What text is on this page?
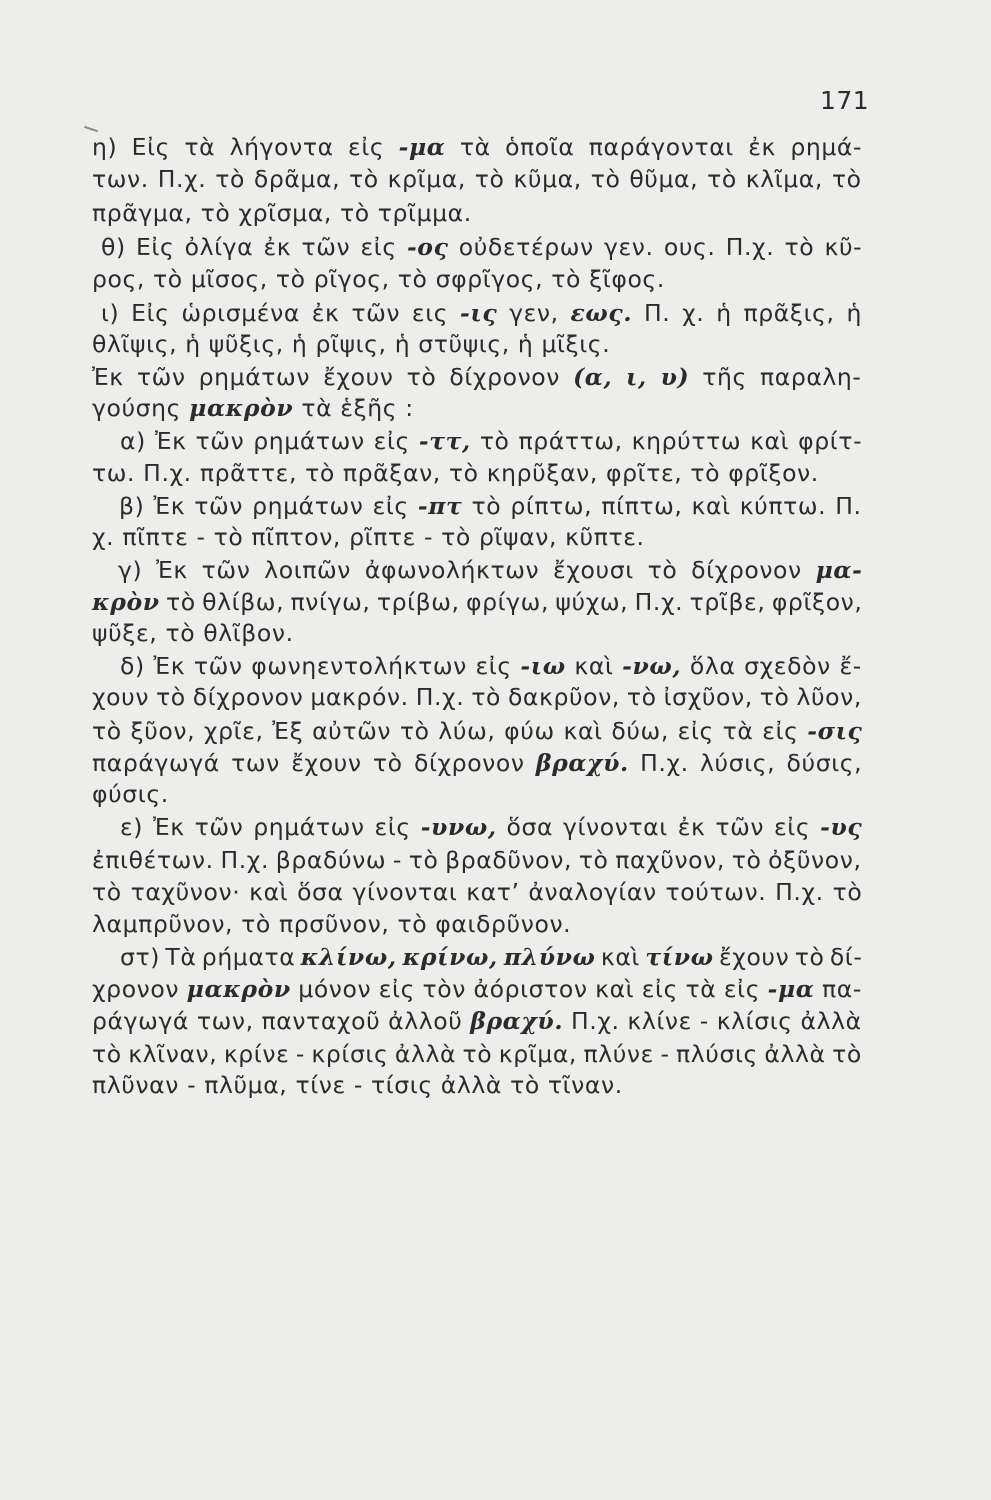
171
η) Εἰς τὰ λήγοντα εἰς -μα τὰ ὁποῖα παράγονται ἐκ ρημά-
των. Π.χ. τὸ δρᾶμα, τὸ κρῖμα, τὸ κῦμα, τὸ θῦμα, τὸ κλῖμα, τὸ
πρᾶγμα, τὸ χρῖσμα, τὸ τρῖμμα.
θ) Εἰς ὀλίγα ἐκ τῶν εἰς -ος οὐδετέρων γεν. ους. Π.χ. τὸ κῦ-
ρος, τὸ μῖσος, τὸ ρῖγος, τὸ σφρῖγος, τὸ ξῖφος.
ι) Εἰς ὡρισμένα ἐκ τῶν εις -ις γεν, εως. Π. χ. ἡ πρᾶξις, ἡ
θλῖψις, ἡ ψῦξις, ἡ ρῖψις, ἡ στῦψις, ἡ μῖξις.
Ἐκ τῶν ρημάτων ἔχουν τὸ δίχρονον (α, ι, υ) τῆς παραλη-
γούσης μακρὸν τὰ ἑξῆς :
α) Ἐκ τῶν ρημάτων εἰς -ττ, τὸ πράττω, κηρύττω καὶ φρίτ-
τω. Π.χ. πρᾶττε, τὸ πρᾶξαν, τὸ κηρῦξαν, φρῖτε, τὸ φρῖξον.
β) Ἐκ τῶν ρημάτων εἰς -πτ τὸ ρίπτω, πίπτω, καὶ κύπτω. Π.
χ. πῖπτε - τὸ πῖπτον, ρῖπτε - τὸ ρῖψαν, κῦπτε.
γ) Ἐκ τῶν λοιπῶν ἀφωνολήκτων ἔχουσι τὸ δίχρονον μα-
κρὸν τὸ θλίβω, πνίγω, τρίβω, φρίγω, ψύχω, Π.χ. τρῖβε, φρῖξον,
ψῦξε, τὸ θλῖβον.
δ) Ἐκ τῶν φωνηεντολήκτων εἰς -ιω καὶ -νω, ὅλα σχεδὸν ἔ-
χουν τὸ δίχρονον μακρόν. Π.χ. τὸ δακρῦον, τὸ ἰσχῦον, τὸ λῦον,
τὸ ξῦον, χρῖε, Ἐξ αὐτῶν τὸ λύω, φύω καὶ δύω, εἰς τὰ εἰς -σις
παράγωγά των ἔχουν τὸ δίχρονον βραχύ. Π.χ. λύσις, δύσις,
φύσις.
ε) Ἐκ τῶν ρημάτων εἰς -υνω, ὅσα γίνονται ἐκ τῶν εἰς -υς
ἐπιθέτων. Π.χ. βραδύνω - τὸ βραδῦνον, τὸ παχῦνον, τὸ ὀξῦνον,
τὸ ταχῦνον· καὶ ὅσα γίνονται κατ’ ἀναλογίαν τούτων. Π.χ. τὸ
λαμπρῦνον, τὸ πρσῦνον, τὸ φαιδρῦνον.
στ) Τὰ ρήματα κλίνω, κρίνω, πλύνω καὶ τίνω ἔχουν τὸ δί-
χρονον μακρὸν μόνον εἰς τὸν ἀόριστον καὶ εἰς τὰ εἰς -μα πα-
ράγωγά των, πανταχοῦ ἀλλοῦ βραχύ. Π.χ. κλίνε - κλίσις ἀλλὰ
τὸ κλῖναν, κρίνε - κρίσις ἀλλὰ τὸ κρῖμα, πλύνε - πλύσις ἀλλὰ τὸ
πλῦναν - πλῦμα, τίνε - τίσις ἀλλὰ τὸ τῖναν.
